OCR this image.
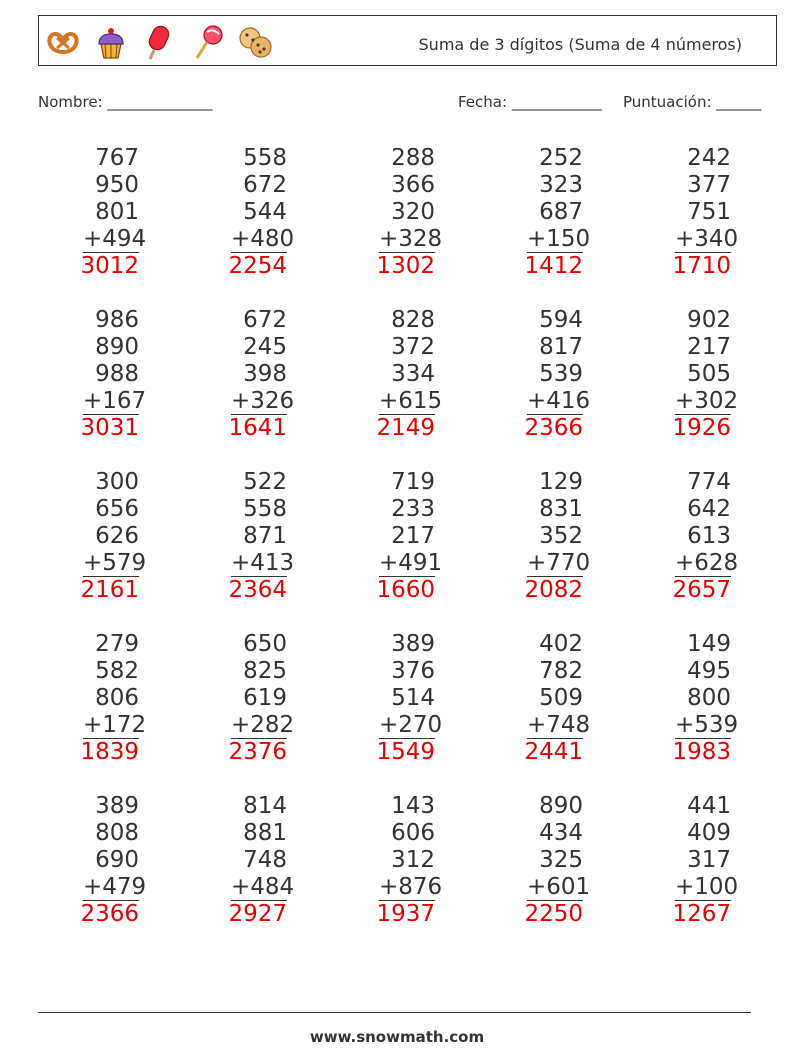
Suma de 3 dígitos (Suma de 4 números)
Nombre: ______________	Fecha: ____________ Puntuación: ______
767
950
801
+494
3012
558
672
544
+480
2254
288
366
320
+328
1302
252
323
687
+150
1412
242
377
751
+340
1710
986
890
988
+167
3031
672
245
398
+326
1641
828
372
334
+615
2149
594
817
539
+416
2366
902
217
505
+302
1926
300
656
626
+579
2161
522
558
871
+413
2364
719
233
217
+491
1660
129
831
352
+770
2082
774
642
613
+628
2657
279
582
806
+172
1839
650
825
619
+282
2376
389
376
514
+270
1549
402
782
509
+748
2441
149
495
800
+539
1983
389
808
690
+479
2366
814
881
748
+484
2927
143
606
312
+876
1937
890
434
325
+601
2250
441
409
317
+100
1267
www.snowmath.com
